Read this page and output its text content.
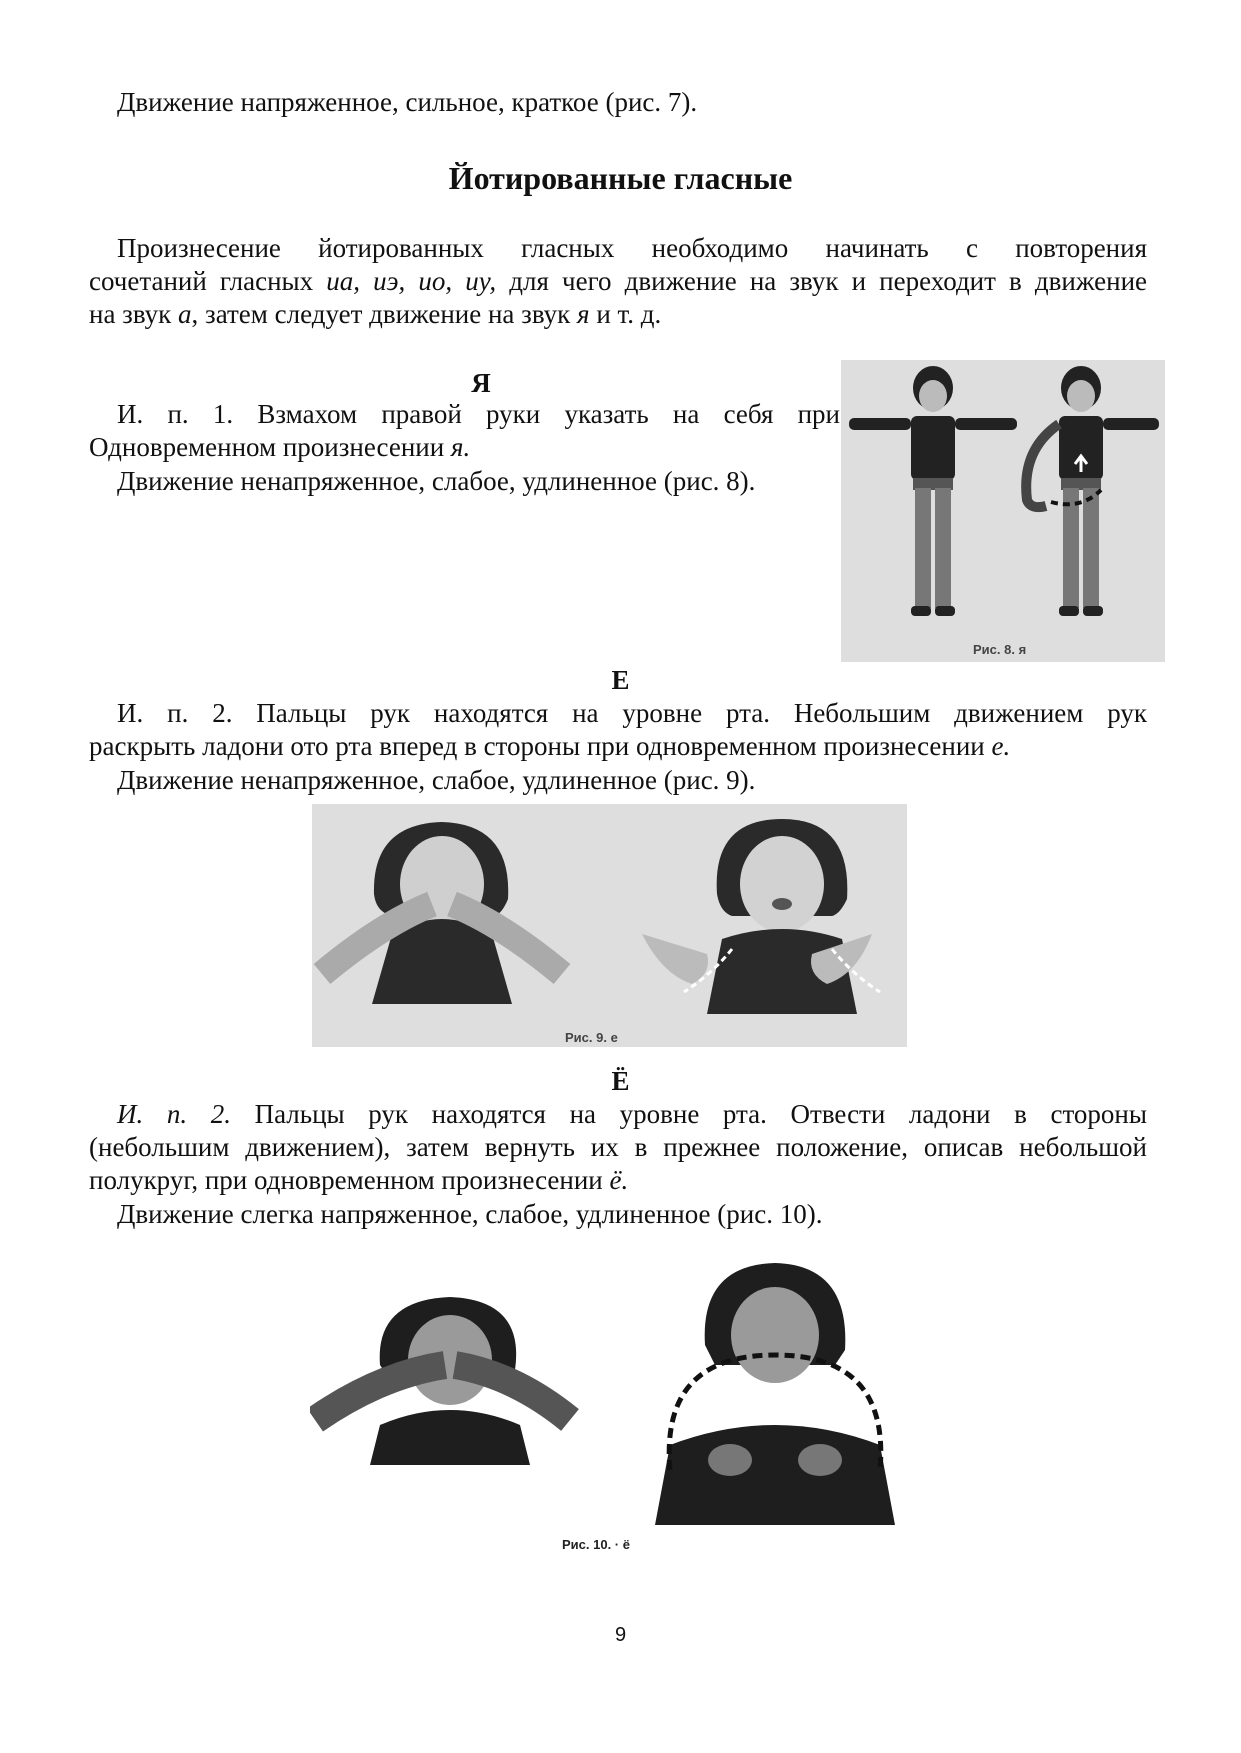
Движение напряженное, сильное, краткое (рис. 7).

Йотированные гласные

Произнесение йотированных гласных необходимо начинать с повторения

сочетаний гласных иа, иэ, ио, иу, для чего движение на звук и переходит в движение

на звук а, затем следует движение на звук я и т. д.

Я

И. п. 1. Взмахом правой руки указать на себя при

Одновременном произнесении я.

Движение ненапряженное, слабое, удлиненное (рис. 8).

Рис. 8. я
Е

И. п. 2. Пальцы рук находятся на уровне рта. Небольшим движением рук

раскрыть ладони ото рта вперед в стороны при одновременном произнесении е.

Движение ненапряженное, слабое, удлиненное (рис. 9).

Рис. 9. е
Ё

И. п. 2. Пальцы рук находятся на уровне рта. Отвести ладони в стороны

(небольшим движением), затем вернуть их в прежнее положение, описав небольшой

полукруг, при одновременном произнесении ё.

Движение слегка напряженное, слабое, удлиненное (рис. 10).

Рис. 10. · ё
9
